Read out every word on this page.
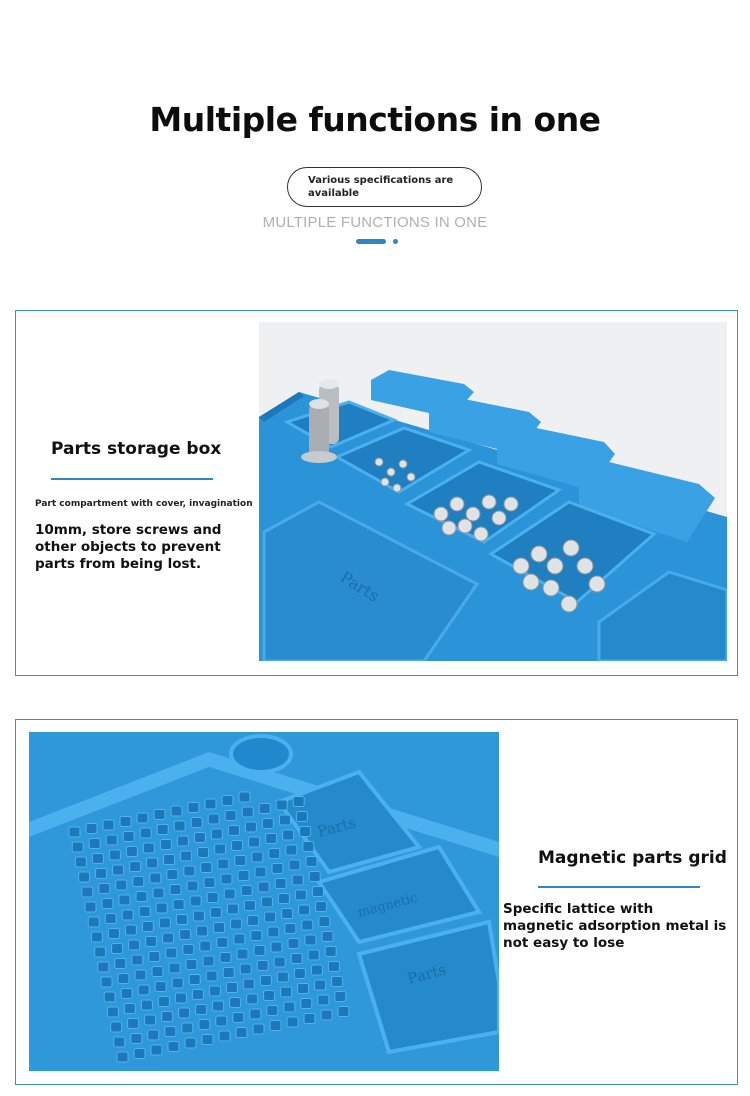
Multiple functions in one
Various specifications are available
MULTIPLE FUNCTIONS IN ONE
Parts storage box
Part compartment with cover, invagination
10mm, store screws and other objects to prevent parts from being lost.
Parts
Parts
magnetic
Parts
Magnetic parts grid
Specific lattice with magnetic adsorption metal is not easy to lose
